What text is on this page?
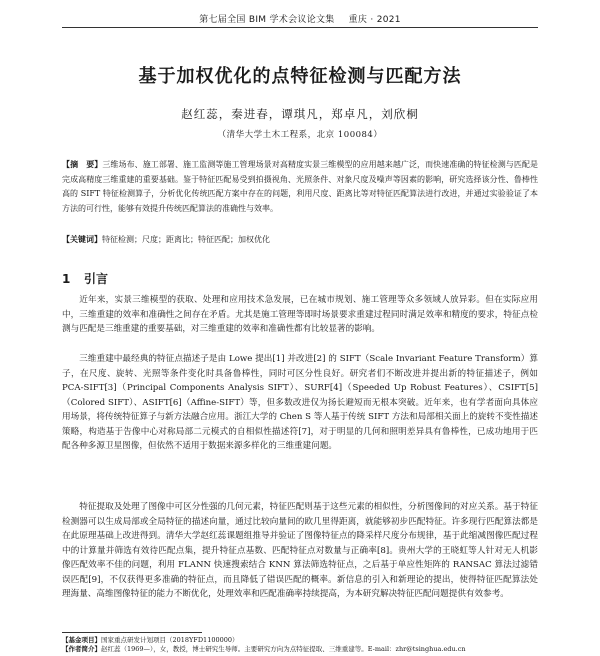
第七届全国 BIM 学术会议论文集 重庆 · 2021
基于加权优化的点特征检测与匹配方法
赵红蕊，秦进春，谭琪凡，郑卓凡，刘欣桐
（清华大学土木工程系，北京 100084）
【摘　要】三维场布、施工部署、施工监测等施工管理场景对高精度实景三维模型的应用越来越广泛，而快速准确的特征检测与匹配是完成高精度三维重建的重要基础。鉴于特征匹配易受到拍摄视角、光照条件、对象尺度及噪声等因素的影响，研究选择该分性、鲁棒性高的 SIFT 特征检测算子，分析优化传统匹配方案中存在的问题，利用尺度、距离比等对特征匹配算法进行改进，并通过实验验证了本方法的可行性，能够有效提升传统匹配算法的准确性与效率。
【关键词】特征检测；尺度；距离比；特征匹配；加权优化
1 引言

近年来，实景三维模型的获取、处理和应用技术急发展，已在城市规划、施工管理等众多领域人放异彩。但在实际应用中，三维重建的效率和准确性之间存在矛盾。尤其是施工管理等即时场景要求重建过程同时满足效率和精度的要求，特征点检测与匹配是三维重建的重要基础，对三维重建的效率和准确性都有比较显著的影响。

三维重建中最经典的特征点描述子是由 Lowe 提出[1] 并改进[2] 的 SIFT（Scale Invariant Feature Transform）算子，在尺度、旋转、光照等条件变化时具备鲁棒性，同时可区分性良好。研究者们不断改进并提出新的特征描述子，例如 PCA-SIFT[3]（Principal Components Analysis SIFT）、SURF[4]（Speeded Up Robust Features）、CSIFT[5]（Colored SIFT）、ASIFT[6]（Affine-SIFT）等，但多数改进仅为扬长避短而无根本突破。近年来，也有学者面向具体应用场景，将传统特征算子与新方法融合应用。浙江大学的 Chen S 等人基于传统 SIFT 方法和局部相关面上的旋转不变性描述策略，构造基于告像中心对称局部二元模式的自相似性描述符[7]，对于明显的几何和照明差异具有鲁棒性，已成功地用于匹配各种多源卫星图像，但依然不适用于数据来源多样化的三维重建问题。

特征提取及处理了图像中可区分性强的几何元素，特征匹配则基于这些元素的相似性，分析图像间的对应关系。基于特征检测器可以生成局部或全局特征的描述向量，通过比较向量间的欧几里得距离，就能够初步匹配特征。许多现行匹配算法都是在此原理基础上改进得到。清华大学赵红蕊课题组推导并验证了图像特征点的降采样尺度分布规律，基于此缩减图像匹配过程中的计算量并筛选有效待匹配点集，提升特征点基数、匹配特征点对数量与正确率[8]。贵州大学的王晓虹等人针对无人机影像匹配效率不佳的问题，利用 FLANN 快速搜索结合 KNN 算法筛选特征点，之后基于单应性矩阵的 RANSAC 算法过滤错误匹配[9]，不仅获得更多准确的特征点，而且降低了错误匹配的概率。新信息的引入和新理论的提出，使得特征匹配算法处理海量、高维图像特征的能力不断优化，处理效率和匹配准确率持续提高，为本研究解决特征匹配问题提供有效参考。

【基金项目】国家重点研发计划项目（2018YFD1100000）
【作者简介】赵红蕊（1969—），女，教授，博士研究生导师。主要研究方向为点特征提取、三维重建等。E-mail：zhr@tsinghua.edu.cn
